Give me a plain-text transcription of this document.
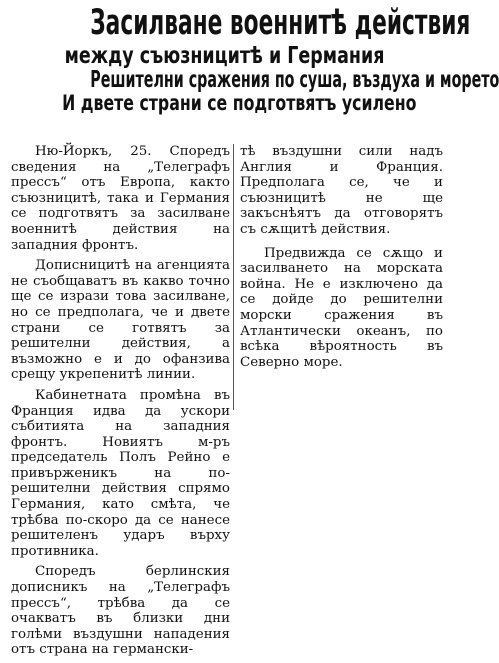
Засилване военнитѣ действия
между съюзницитѣ и Германия
Решителни сражения по суша, въздуха и морето
И двете страни се подготвятъ усилено

Ню-Йоркъ, 25. Споредъ сведения на „Телеграфъ прессъ“ отъ Европа, както съюзницитѣ, така и Германия се подготвятъ за засилване военнитѣ действия на западния фронтъ.

Дописницитѣ на агенцията не съобщаватъ въ какво точно ще се изрази това засилване, но се предполага, че и двете страни се готвятъ за решителни действия, а възможно е и до офанзива срещу укрепенитѣ линии.

Кабинетната промѣна въ Франция идва да ускори събитията на западния фронтъ. Новиятъ м-ръ председатель Полъ Рейно е привърженикъ на по-решителни действия спрямо Германия, като смѣта, че трѣбва по-скоро да се нанесе решителенъ ударъ върху противника.

Споредъ берлинския дописникъ на „Телеграфъ прессъ“, трѣбва да се очакватъ въ близки дни голѣми въздушни нападения отъ страна на германски-

тѣ въздушни сили надъ Англия и Франция. Предполага се, че и съюзницитѣ не ще закъснѣятъ да отговорятъ съ сѫщитѣ действия.

Предвижда се сѫщо и засилването на морската война. Не е изключено да се дойде до решителни морски сражения въ Атлантически океанъ, по всѣка вѣроятность въ Северно море.
